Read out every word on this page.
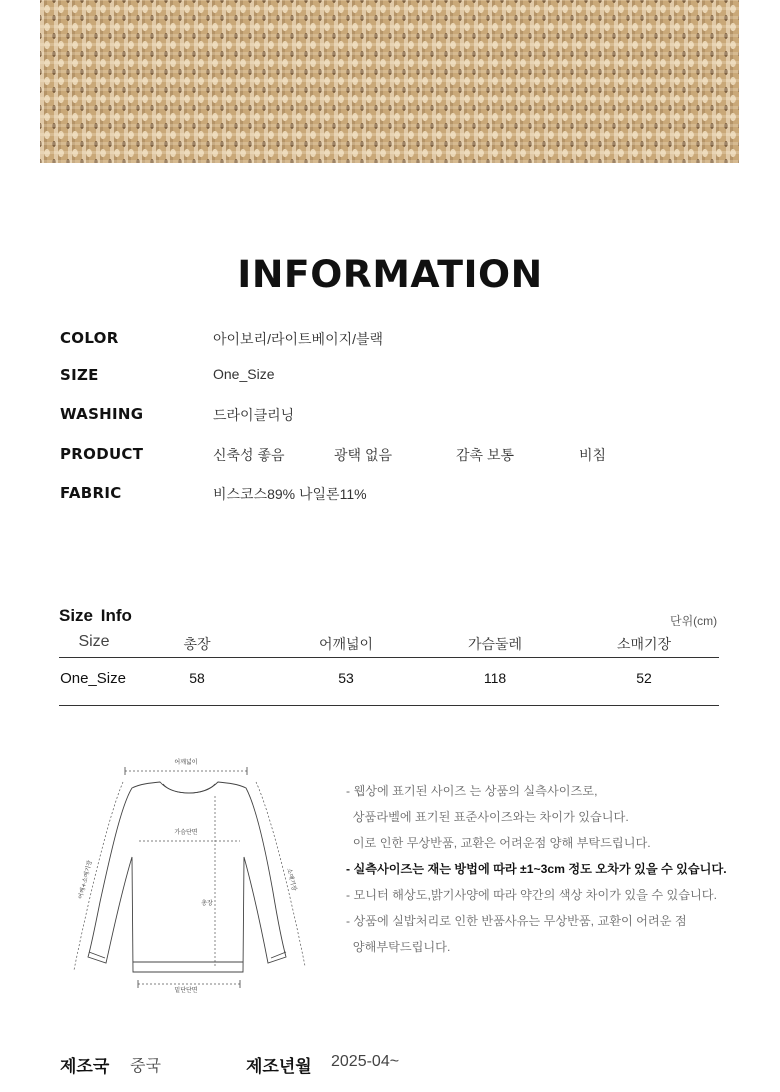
INFORMATION
COLOR	아이보리/라이트베이지/블랙
SIZE	One_Size
WASHING	드라이클리닝
PRODUCT	신축성 좋음	광택 없음	감촉 보통	비침
FABRIC	비스코스89% 나일론11%
Size Info	단위(cm)
Size	총장	어깨넓이	가슴둘레	소매기장
One_Size	58	53	118	52
어깨넓이
가슴단면
총장
밑단단면
어깨+소매기장	소매기장
- 웹상에 표기된 사이즈 는 상품의 실측사이즈로,
상품라벨에 표기된 표준사이즈와는 차이가 있습니다.
이로 인한 무상반품, 교환은 어려운점 양해 부탁드립니다.
- 실측사이즈는 재는 방법에 따라 ±1~3cm 정도 오차가 있을 수 있습니다.
- 모니터 해상도,밝기사양에 따라 약간의 색상 차이가 있을 수 있습니다.
- 상품에 실밥처리로 인한 반품사유는 무상반품, 교환이 어려운 점
양해부탁드립니다.
제조국 중국	제조년월 2025-04~
